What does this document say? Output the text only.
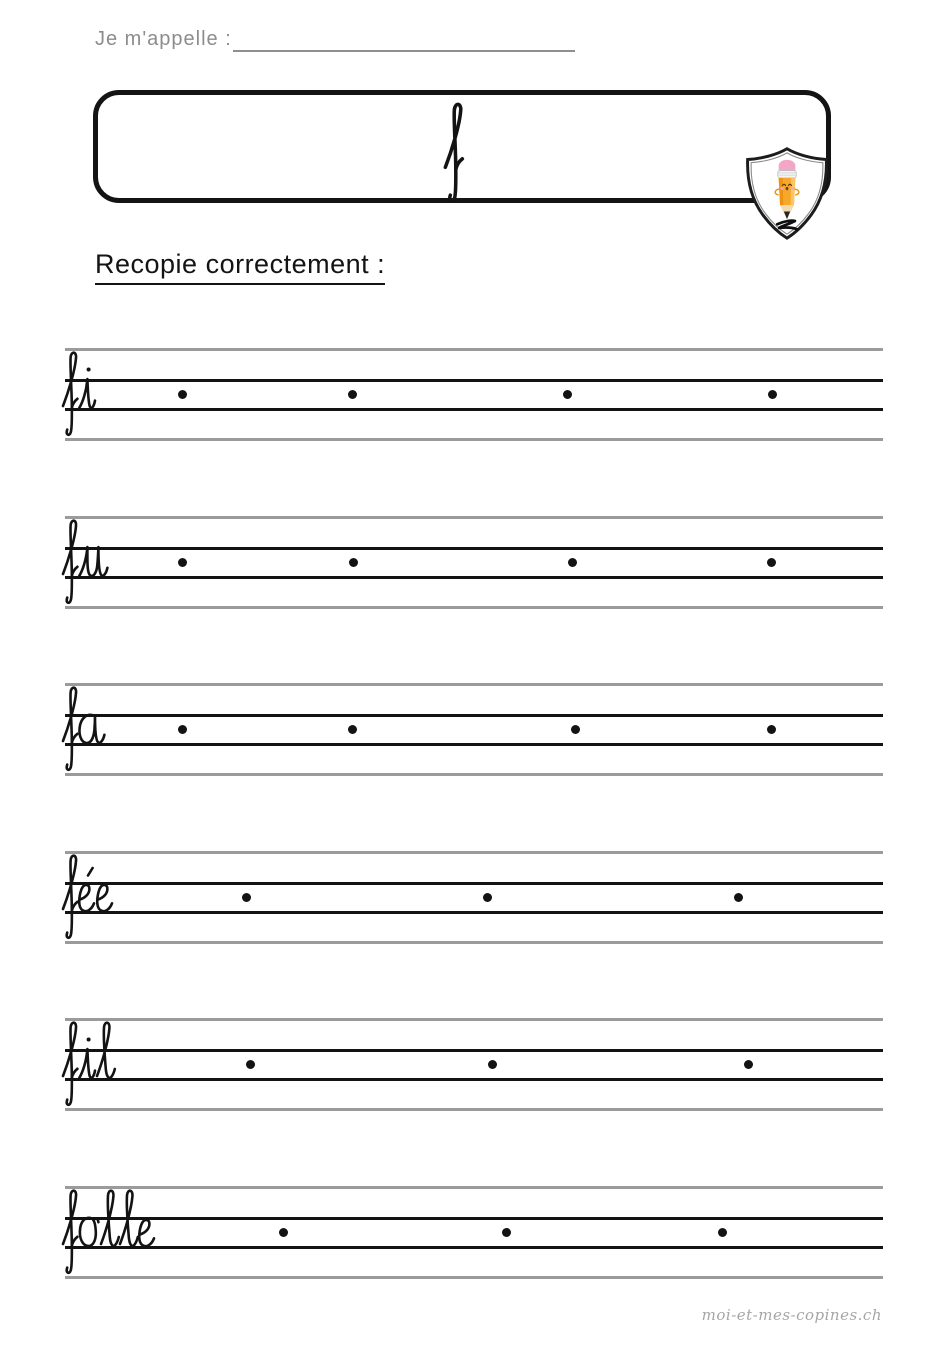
Je m'appelle :
Recopie correctement :
moi-et-mes-copines.ch
